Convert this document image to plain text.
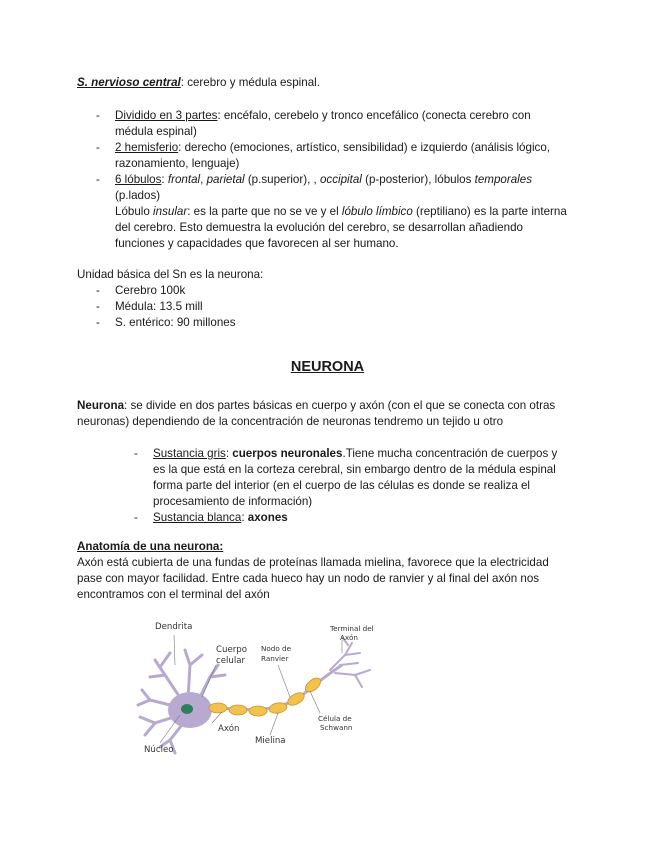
S. nervioso central: cerebro y médula espinal.
- Dividido en 3 partes: encéfalo, cerebelo y tronco encefálico (conecta cerebro con
médula espinal)
- 2 hemisferio: derecho (emociones, artístico, sensibilidad) e izquierdo (análisis lógico,
razonamiento, lenguaje)
- 6 lóbulos: frontal, parietal (p.superior), , occipital (p-posterior), lóbulos temporales
(p.lados)
Lóbulo insular: es la parte que no se ve y el lóbulo límbico (reptiliano) es la parte interna
del cerebro. Esto demuestra la evolución del cerebro, se desarrollan añadiendo
funciones y capacidades que favorecen al ser humano.
Unidad básica del Sn es la neurona:
- Cerebro 100k
- Médula: 13.5 mill
- S. entérico: 90 millones
NEURONA
Neurona: se divide en dos partes básicas en cuerpo y axón (con el que se conecta con otras
neuronas) dependiendo de la concentración de neuronas tendremo un tejido u otro
- Sustancia gris: cuerpos neuronales.Tiene mucha concentración de cuerpos y
es la que está en la corteza cerebral, sin embargo dentro de la médula espinal
forma parte del interior (en el cuerpo de las células es donde se realiza el
procesamiento de información)
- Sustancia blanca: axones
Anatomía de una neurona:
Axón está cubierta de una fundas de proteínas llamada mielina, favorece que la electricidad
pase con mayor facilidad. Entre cada hueco hay un nodo de ranvier y al final del axón nos
encontramos con el terminal del axón
Dendrita
Cuerpo
celular
Nodo de
Ranvier
Terminal del
Axón
Axón
Núcleo
Mielina
Célula de
Schwann
